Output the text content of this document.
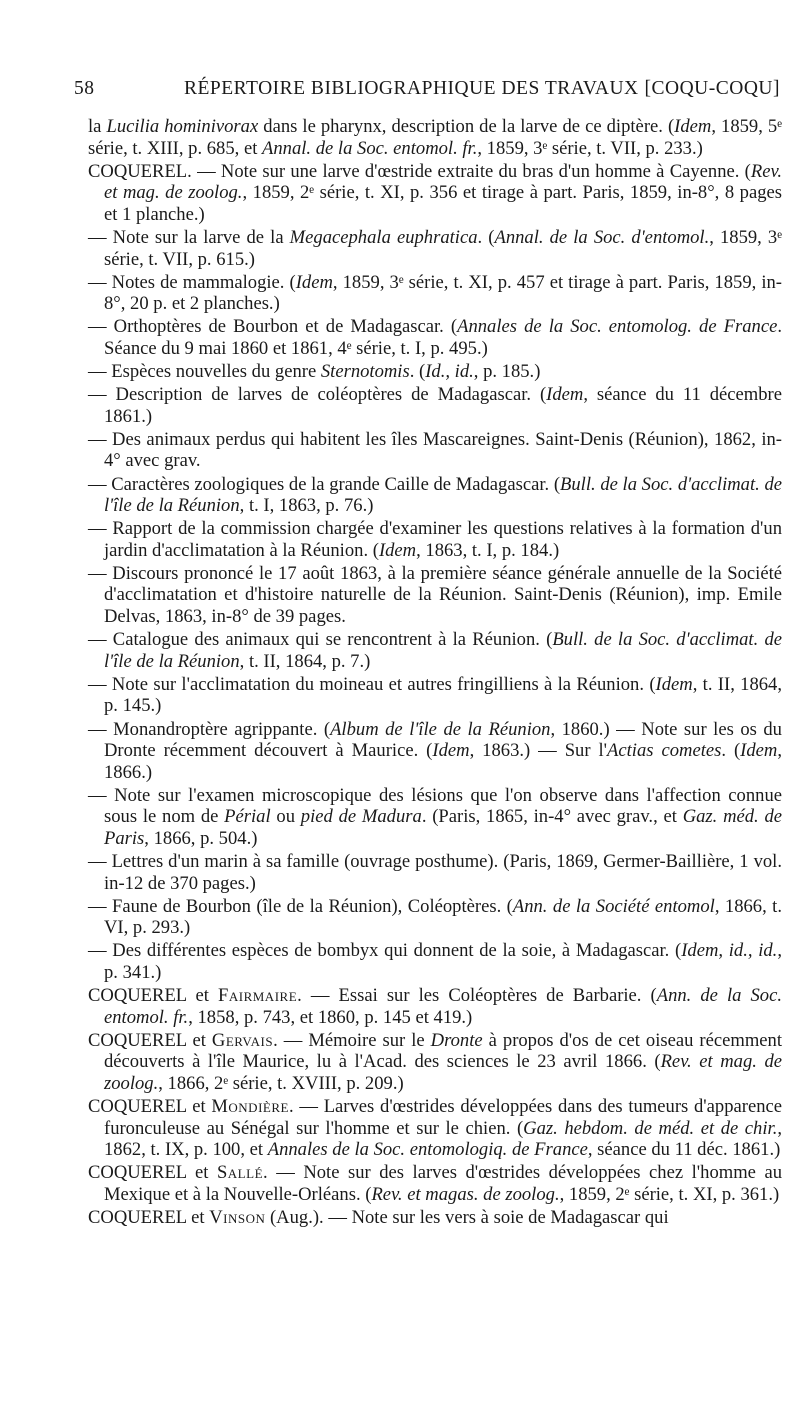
58	RÉPERTOIRE BIBLIOGRAPHIQUE DES TRAVAUX [COQU-COQU]

la Lucilia hominivorax dans le pharynx, description de la larve de ce diptère. (Idem, 1859, 5ᵉ série, t. XIII, p. 685, et Annal. de la Soc. entomol. fr., 1859, 3ᵉ série, t. VII, p. 233.)

COQUEREL. — Note sur une larve d'œstride extraite du bras d'un homme à Cayenne. (Rev. et mag. de zoolog., 1859, 2ᵉ série, t. XI, p. 356 et tirage à part. Paris, 1859, in-8°, 8 pages et 1 planche.)

— Note sur la larve de la Megacephala euphratica. (Annal. de la Soc. d'entomol., 1859, 3ᵉ série, t. VII, p. 615.)

— Notes de mammalogie. (Idem, 1859, 3ᵉ série, t. XI, p. 457 et tirage à part. Paris, 1859, in-8°, 20 p. et 2 planches.)

— Orthoptères de Bourbon et de Madagascar. (Annales de la Soc. entomolog. de France. Séance du 9 mai 1860 et 1861, 4ᵉ série, t. I, p. 495.)

— Espèces nouvelles du genre Sternotomis. (Id., id., p. 185.)

— Description de larves de coléoptères de Madagascar. (Idem, séance du 11 décembre 1861.)

— Des animaux perdus qui habitent les îles Mascareignes. Saint-Denis (Réunion), 1862, in-4° avec grav.

— Caractères zoologiques de la grande Caille de Madagascar. (Bull. de la Soc. d'acclimat. de l'île de la Réunion, t. I, 1863, p. 76.)

— Rapport de la commission chargée d'examiner les questions relatives à la formation d'un jardin d'acclimatation à la Réunion. (Idem, 1863, t. I, p. 184.)

— Discours prononcé le 17 août 1863, à la première séance générale annuelle de la Société d'acclimatation et d'histoire naturelle de la Réunion. Saint-Denis (Réunion), imp. Emile Delvas, 1863, in-8° de 39 pages.

— Catalogue des animaux qui se rencontrent à la Réunion. (Bull. de la Soc. d'acclimat. de l'île de la Réunion, t. II, 1864, p. 7.)

— Note sur l'acclimatation du moineau et autres fringilliens à la Réunion. (Idem, t. II, 1864, p. 145.)

— Monandroptère agrippante. (Album de l'île de la Réunion, 1860.) — Note sur les os du Dronte récemment découvert à Maurice. (Idem, 1863.) — Sur l'Actias cometes. (Idem, 1866.)

— Note sur l'examen microscopique des lésions que l'on observe dans l'affection connue sous le nom de Périal ou pied de Madura. (Paris, 1865, in-4° avec grav., et Gaz. méd. de Paris, 1866, p. 504.)

— Lettres d'un marin à sa famille (ouvrage posthume). (Paris, 1869, Germer-Baillière, 1 vol. in-12 de 370 pages.)

— Faune de Bourbon (île de la Réunion), Coléoptères. (Ann. de la Société entomol, 1866, t. VI, p. 293.)

— Des différentes espèces de bombyx qui donnent de la soie, à Madagascar. (Idem, id., id., p. 341.)

COQUEREL et Fairmaire. — Essai sur les Coléoptères de Barbarie. (Ann. de la Soc. entomol. fr., 1858, p. 743, et 1860, p. 145 et 419.)

COQUEREL et Gervais. — Mémoire sur le Dronte à propos d'os de cet oiseau récemment découverts à l'île Maurice, lu à l'Acad. des sciences le 23 avril 1866. (Rev. et mag. de zoolog., 1866, 2ᵉ série, t. XVIII, p. 209.)

COQUEREL et Mondière. — Larves d'œstrides développées dans des tumeurs d'apparence furonculeuse au Sénégal sur l'homme et sur le chien. (Gaz. hebdom. de méd. et de chir., 1862, t. IX, p. 100, et Annales de la Soc. entomologiq. de France, séance du 11 déc. 1861.)

COQUEREL et Sallé. — Note sur des larves d'œstrides développées chez l'homme au Mexique et à la Nouvelle-Orléans. (Rev. et magas. de zoolog., 1859, 2ᵉ série, t. XI, p. 361.)

COQUEREL et Vinson (Aug.). — Note sur les vers à soie de Madagascar qui
